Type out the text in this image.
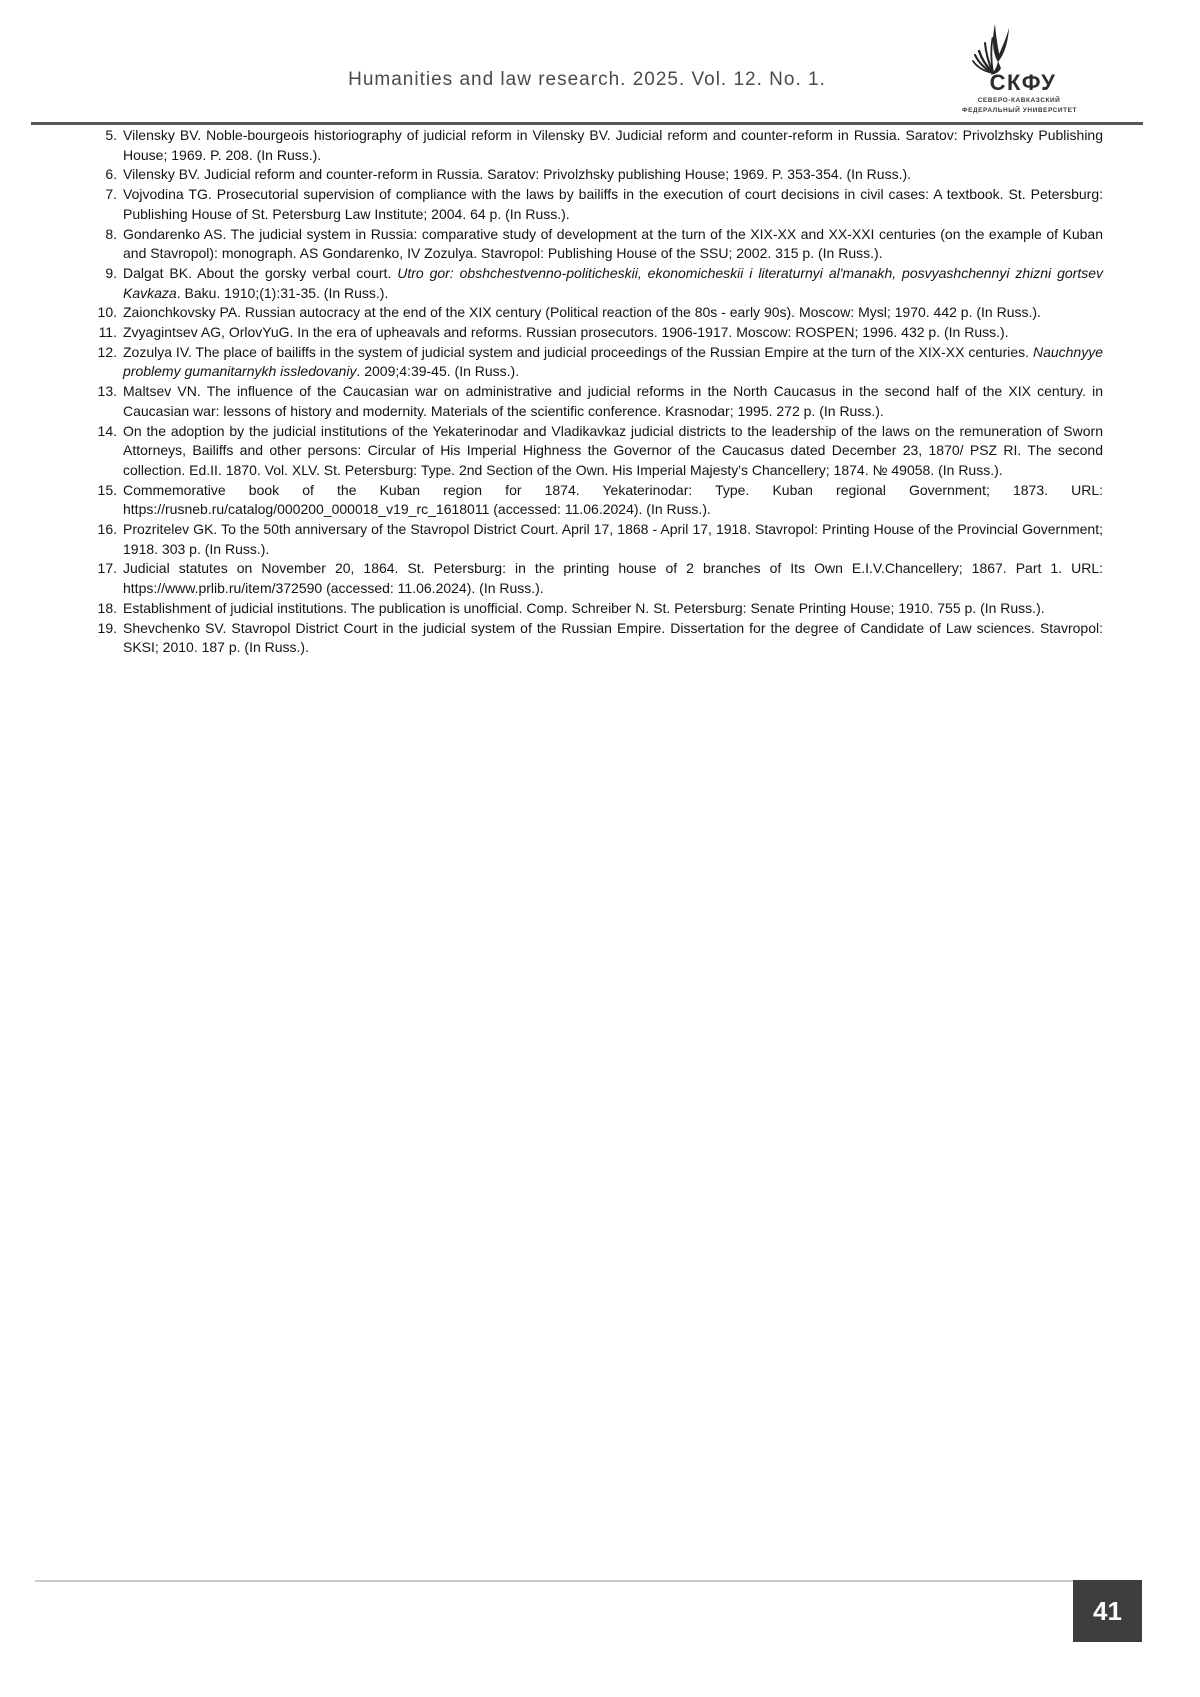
Humanities and law research. 2025. Vol. 12. No. 1.	СКФУ
СЕВЕРО-КАВКАЗСКИЙ
ФЕДЕРАЛЬНЫЙ УНИВЕРСИТЕТ
5. Vilensky BV. Noble-bourgeois historiography of judicial reform in Vilensky BV. Judicial reform and counter-reform in Russia. Saratov: Privolzhsky Publishing House; 1969. P. 208. (In Russ.).
6. Vilensky BV. Judicial reform and counter-reform in Russia. Saratov: Privolzhsky publishing House; 1969. P. 353-354. (In Russ.).
7. Vojvodina TG. Prosecutorial supervision of compliance with the laws by bailiffs in the execution of court decisions in civil cases: A textbook. St. Petersburg: Publishing House of St. Petersburg Law Institute; 2004. 64 p. (In Russ.).
8. Gondarenko AS. The judicial system in Russia: comparative study of development at the turn of the XIX-XX and XX-XXI centuries (on the example of Kuban and Stavropol): monograph. AS Gondarenko, IV Zozulya. Stavropol: Publishing House of the SSU; 2002. 315 p. (In Russ.).
9. Dalgat BK. About the gorsky verbal court. Utro gor: obshchestvenno-politicheskii, ekonomicheskii i literaturnyi al'manakh, posvyashchennyi zhizni gortsev Kavkaza. Baku. 1910;(1):31-35. (In Russ.).
10. Zaionchkovsky PA. Russian autocracy at the end of the XIX century (Political reaction of the 80s - early 90s). Moscow: Mysl; 1970. 442 p. (In Russ.).
11. Zvyagintsev AG, OrlovYuG. In the era of upheavals and reforms. Russian prosecutors. 1906-1917. Moscow: ROSPEN; 1996. 432 p. (In Russ.).
12. Zozulya IV. The place of bailiffs in the system of judicial system and judicial proceedings of the Russian Empire at the turn of the XIX-XX centuries. Nauchnyye problemy gumanitarnykh issledovaniy. 2009;4:39-45. (In Russ.).
13. Maltsev VN. The influence of the Caucasian war on administrative and judicial reforms in the North Caucasus in the second half of the XIX century. in Caucasian war: lessons of history and modernity. Materials of the scientific conference. Krasnodar; 1995. 272 p. (In Russ.).
14. On the adoption by the judicial institutions of the Yekaterinodar and Vladikavkaz judicial districts to the leadership of the laws on the remuneration of Sworn Attorneys, Bailiffs and other persons: Circular of His Imperial Highness the Governor of the Caucasus dated December 23, 1870/ PSZ RI. The second collection. Ed.II. 1870. Vol. XLV. St. Petersburg: Type. 2nd Section of the Own. His Imperial Majesty's Chancellery; 1874. № 49058. (In Russ.).
15. Commemorative book of the Kuban region for 1874. Yekaterinodar: Type. Kuban regional Government; 1873. URL: https://rusneb.ru/catalog/000200_000018_v19_rc_1618011 (accessed: 11.06.2024). (In Russ.).
16. Prozritelev GK. To the 50th anniversary of the Stavropol District Court. April 17, 1868 - April 17, 1918. Stavropol: Printing House of the Provincial Government; 1918. 303 p. (In Russ.).
17. Judicial statutes on November 20, 1864. St. Petersburg: in the printing house of 2 branches of Its Own E.I.V.Chancellery; 1867. Part 1. URL: https://www.prlib.ru/item/372590 (accessed: 11.06.2024). (In Russ.).
18. Establishment of judicial institutions. The publication is unofficial. Comp. Schreiber N. St. Petersburg: Senate Printing House; 1910. 755 p. (In Russ.).
19. Shevchenko SV. Stavropol District Court in the judicial system of the Russian Empire. Dissertation for the degree of Candidate of Law sciences. Stavropol: SKSI; 2010. 187 p. (In Russ.).
41
